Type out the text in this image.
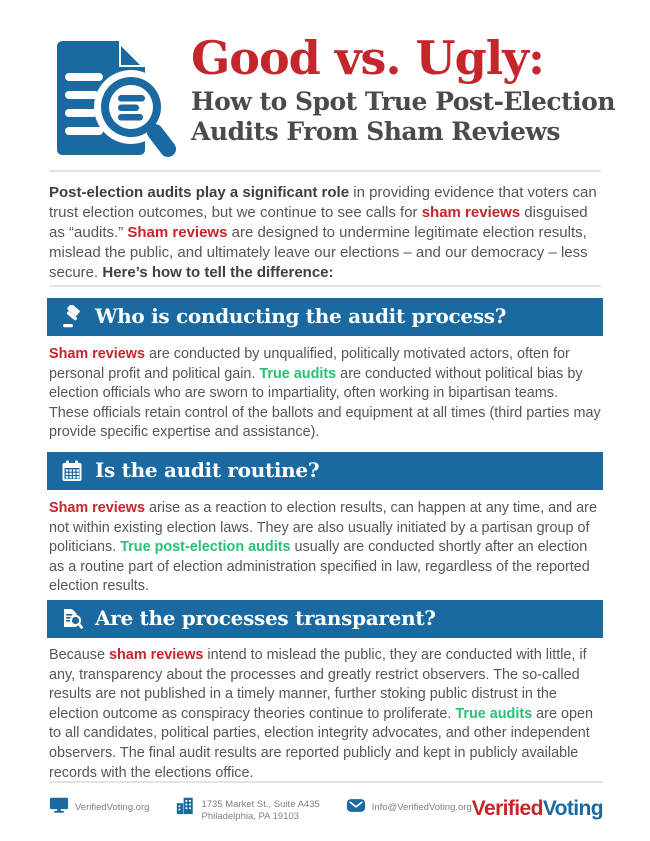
Good vs. Ugly:
How to Spot True Post-Election
Audits From Sham Reviews

Post-election audits play a significant role in providing evidence that voters can trust election outcomes, but we continue to see calls for sham reviews disguised as “audits.” Sham reviews are designed to undermine legitimate election results, mislead the public, and ultimately leave our elections – and our democracy – less secure. Here’s how to tell the difference:

Who is conducting the audit process?

Sham reviews are conducted by unqualified, politically motivated actors, often for personal profit and political gain. True audits are conducted without political bias by election officials who are sworn to impartiality, often working in bipartisan teams. These officials retain control of the ballots and equipment at all times (third parties may provide specific expertise and assistance).

Is the audit routine?

Sham reviews arise as a reaction to election results, can happen at any time, and are not within existing election laws. They are also usually initiated by a partisan group of politicians. True post-election audits usually are conducted shortly after an election as a routine part of election administration specified in law, regardless of the reported election results.

Are the processes transparent?

Because sham reviews intend to mislead the public, they are conducted with little, if any, transparency about the processes and greatly restrict observers. The so-called results are not published in a timely manner, further stoking public distrust in the election outcome as conspiracy theories continue to proliferate. True audits are open to all candidates, political parties, election integrity advocates, and other independent observers. The final audit results are reported publicly and kept in publicly available records with the elections office.

VerifiedVoting.org	1735 Market St., Suite A435
Philadelphia, PA 19103
Info@VerifiedVoting.org VerifiedVoting
